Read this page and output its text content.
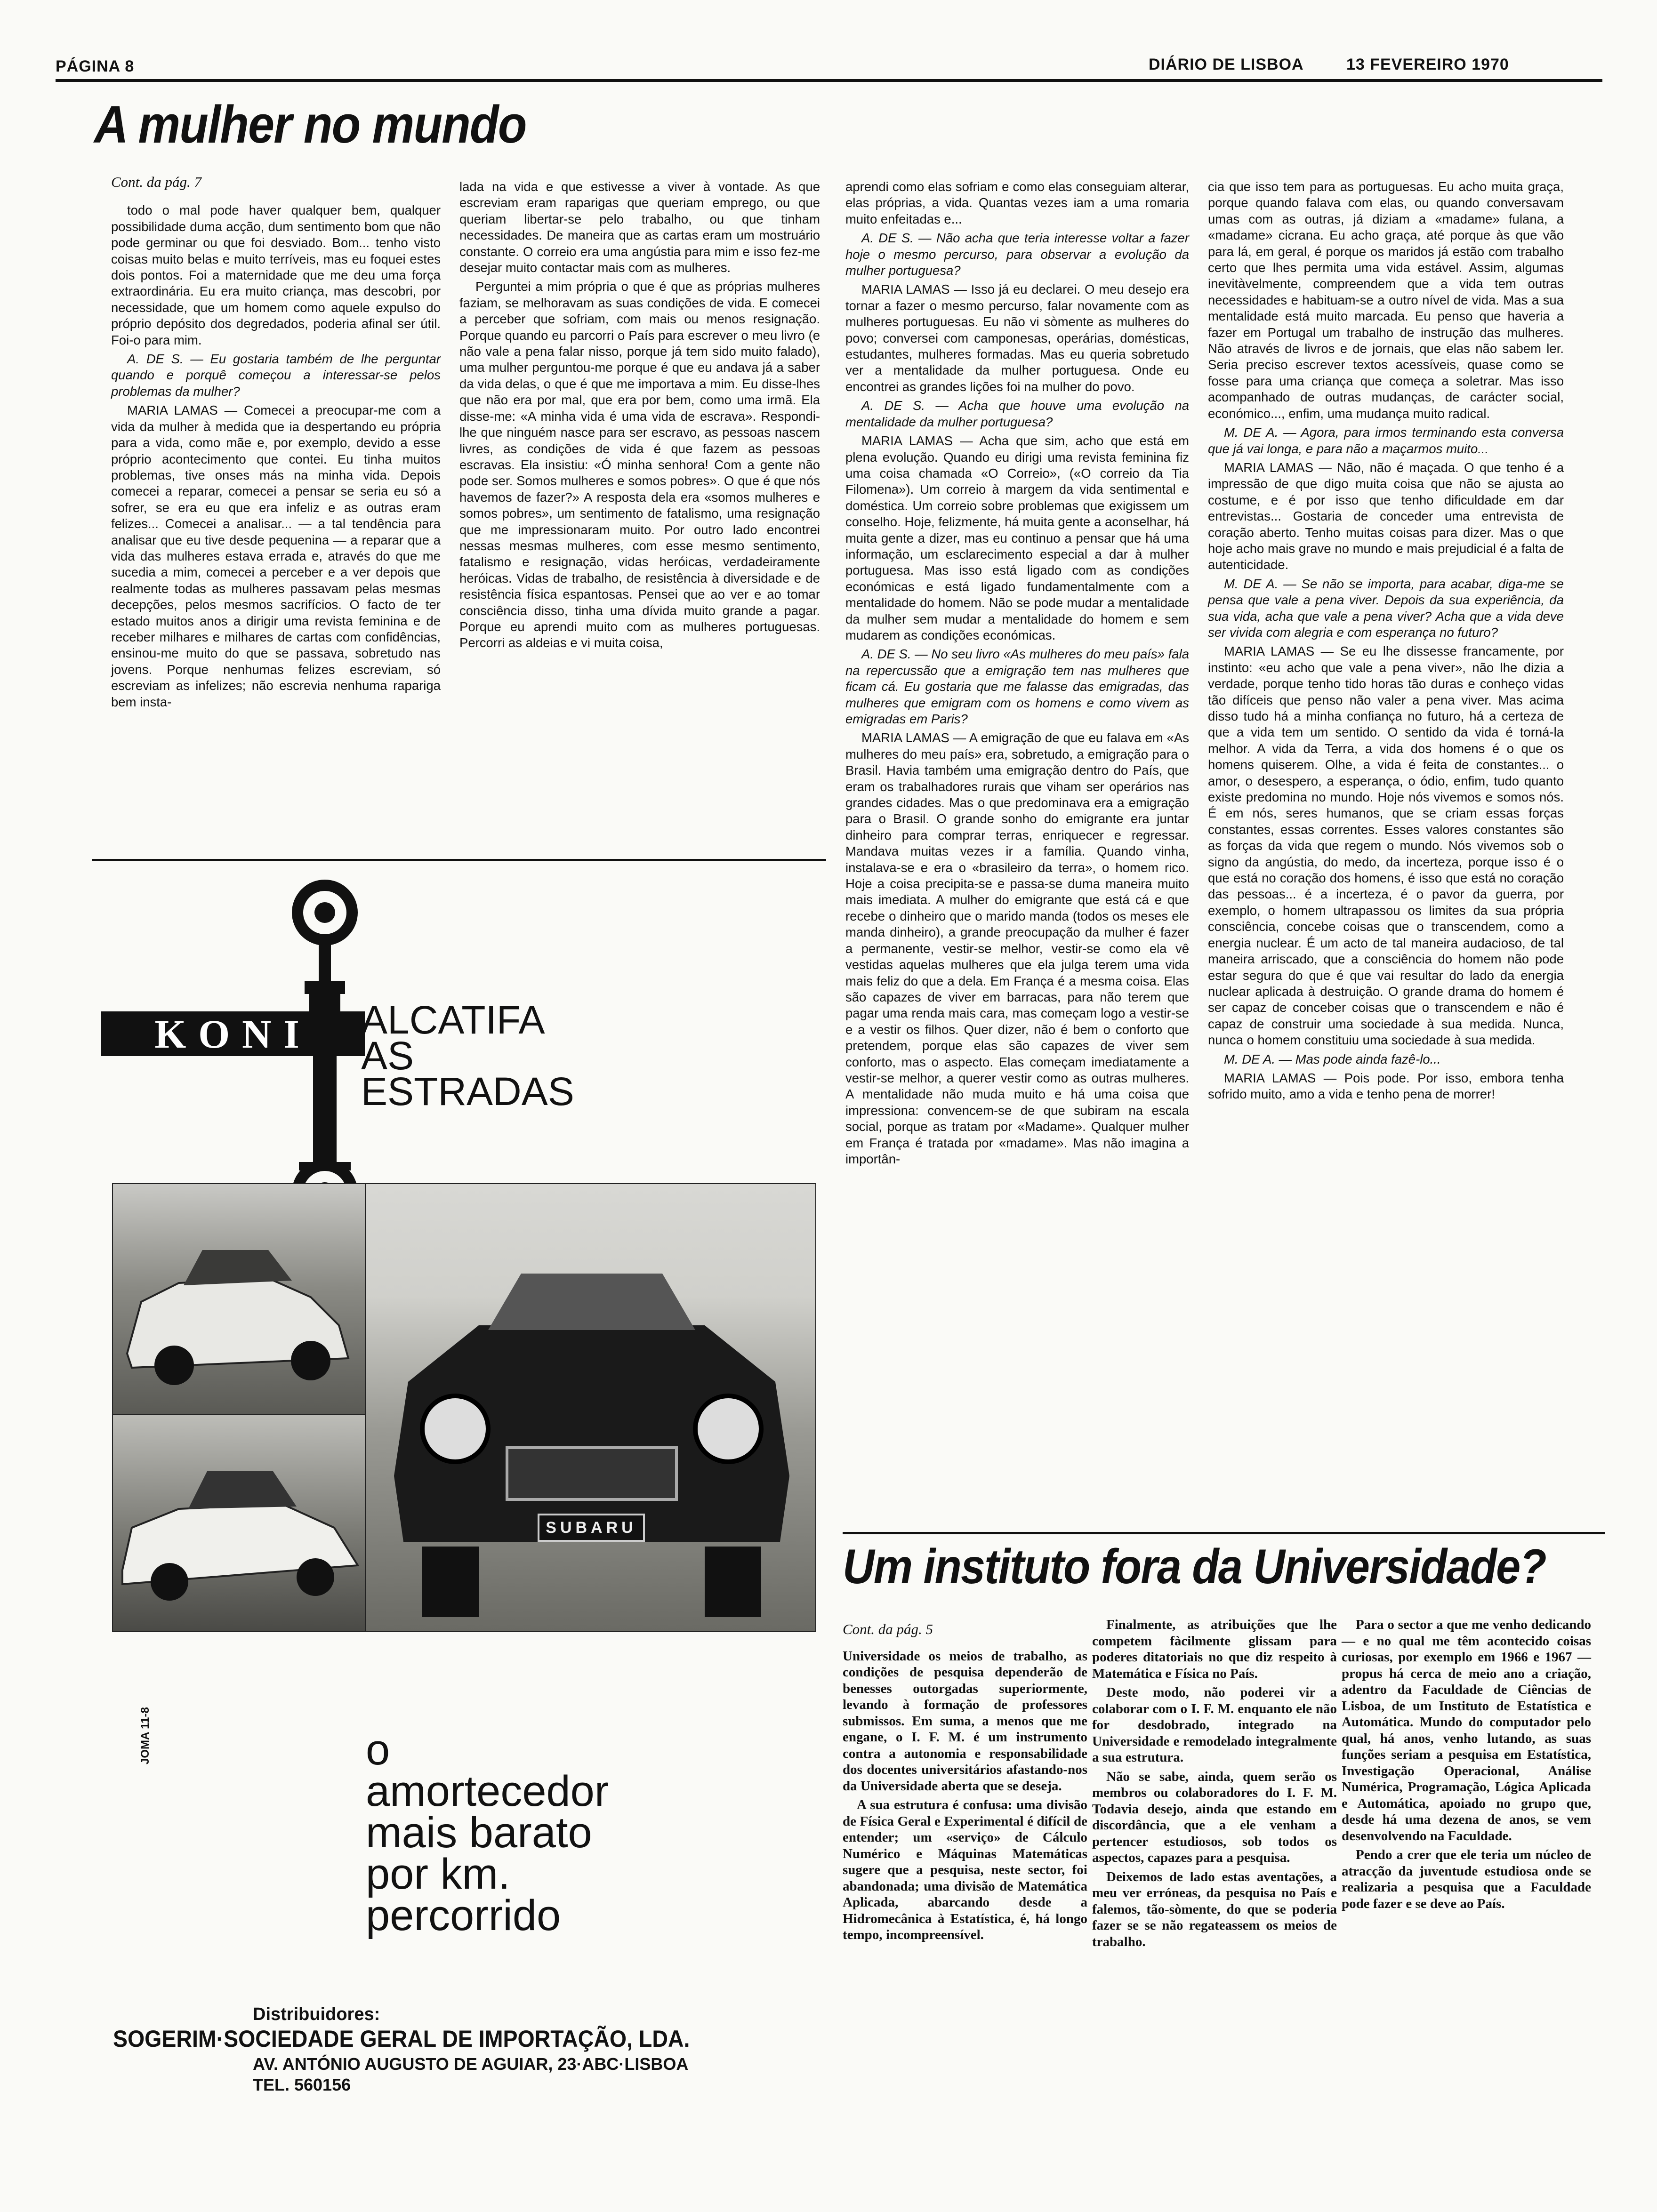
PÁGINA 8	DIÁRIO DE LISBOA	13 FEVEREIRO 1970
A mulher no mundo

Cont. da pág. 7

todo o mal pode haver qualquer bem, qualquer possibilidade duma acção, dum sentimento bom que não pode germinar ou que foi desviado. Bom... tenho visto coisas muito belas e muito terríveis, mas eu foquei estes dois pontos. Foi a maternidade que me deu uma força extraordinária. Eu era muito criança, mas descobri, por necessidade, que um homem como aquele expulso do próprio depósito dos degredados, poderia afinal ser útil. Foi-o para mim.

A. DE S. — Eu gostaria também de lhe perguntar quando e porquê começou a interessar-se pelos problemas da mulher?

MARIA LAMAS — Comecei a preocupar-me com a vida da mulher à medida que ia despertando eu própria para a vida, como mãe e, por exemplo, devido a esse próprio acontecimento que contei. Eu tinha muitos problemas, tive onses más na minha vida. Depois comecei a reparar, comecei a pensar se seria eu só a sofrer, se era eu que era infeliz e as outras eram felizes... Comecei a analisar... — a tal tendência para analisar que eu tive desde pequenina — a reparar que a vida das mulheres estava errada e, através do que me sucedia a mim, comecei a perceber e a ver depois que realmente todas as mulheres passavam pelas mesmas decepções, pelos mesmos sacrifícios. O facto de ter estado muitos anos a dirigir uma revista feminina e de receber milhares e milhares de cartas com confidências, ensinou-me muito do que se passava, sobretudo nas jovens. Porque nenhumas felizes escreviam, só escreviam as infelizes; não escrevia nenhuma rapariga bem insta-

lada na vida e que estivesse a viver à vontade. As que escreviam eram raparigas que queriam emprego, ou que queriam libertar-se pelo trabalho, ou que tinham necessidades. De maneira que as cartas eram um mostruário constante. O correio era uma angústia para mim e isso fez-me desejar muito contactar mais com as mulheres.

Perguntei a mim própria o que é que as próprias mulheres faziam, se melhoravam as suas condições de vida. E comecei a perceber que sofriam, com mais ou menos resignação. Porque quando eu parcorri o País para escrever o meu livro (e não vale a pena falar nisso, porque já tem sido muito falado), uma mulher perguntou-me porque é que eu andava já a saber da vida delas, o que é que me importava a mim. Eu disse-lhes que não era por mal, que era por bem, como uma irmã. Ela disse-me: «A minha vida é uma vida de escrava». Respondi-lhe que ninguém nasce para ser escravo, as pessoas nascem livres, as condições de vida é que fazem as pessoas escravas. Ela insistiu: «Ó minha senhora! Com a gente não pode ser. Somos mulheres e somos pobres». O que é que nós havemos de fazer?» A resposta dela era «somos mulheres e somos pobres», um sentimento de fatalismo, uma resignação que me impressionaram muito. Por outro lado encontrei nessas mesmas mulheres, com esse mesmo sentimento, fatalismo e resignação, vidas heróicas, verdadeiramente heróicas. Vidas de trabalho, de resistência à diversidade e de resistência física espantosas. Pensei que ao ver e ao tomar consciência disso, tinha uma dívida muito grande a pagar. Porque eu aprendi muito com as mulheres portuguesas. Percorri as aldeias e vi muita coisa,

aprendi como elas sofriam e como elas conseguiam alterar, elas próprias, a vida. Quantas vezes iam a uma romaria muito enfeitadas e...

A. DE S. — Não acha que teria interesse voltar a fazer hoje o mesmo percurso, para observar a evolução da mulher portuguesa?

MARIA LAMAS — Isso já eu declarei. O meu desejo era tornar a fazer o mesmo percurso, falar novamente com as mulheres portuguesas. Eu não vi sòmente as mulheres do povo; conversei com camponesas, operárias, domésticas, estudantes, mulheres formadas. Mas eu queria sobretudo ver a mentalidade da mulher portuguesa. Onde eu encontrei as grandes lições foi na mulher do povo.

A. DE S. — Acha que houve uma evolução na mentalidade da mulher portuguesa?

MARIA LAMAS — Acha que sim, acho que está em plena evolução. Quando eu dirigi uma revista feminina fiz uma coisa chamada «O Correio», («O correio da Tia Filomena»). Um correio à margem da vida sentimental e doméstica. Um correio sobre problemas que exigissem um conselho. Hoje, felizmente, há muita gente a aconselhar, há muita gente a dizer, mas eu continuo a pensar que há uma informação, um esclarecimento especial a dar à mulher portuguesa. Mas isso está ligado com as condições económicas e está ligado fundamentalmente com a mentalidade do homem. Não se pode mudar a mentalidade da mulher sem mudar a mentalidade do homem e sem mudarem as condições económicas.

A. DE S. — No seu livro «As mulheres do meu país» fala na repercussão que a emigração tem nas mulheres que ficam cá. Eu gostaria que me falasse das emigradas, das mulheres que emigram com os homens e como vivem as emigradas em Paris?

MARIA LAMAS — A emigração de que eu falava em «As mulheres do meu país» era, sobretudo, a emigração para o Brasil. Havia também uma emigração dentro do País, que eram os trabalhadores rurais que viham ser operários nas grandes cidades. Mas o que predominava era a emigração para o Brasil. O grande sonho do emigrante era juntar dinheiro para comprar terras, enriquecer e regressar. Mandava muitas vezes ir a família. Quando vinha, instalava-se e era o «brasileiro da terra», o homem rico. Hoje a coisa precipita-se e passa-se duma maneira muito mais imediata. A mulher do emigrante que está cá e que recebe o dinheiro que o marido manda (todos os meses ele manda dinheiro), a grande preocupação da mulher é fazer a permanente, vestir-se melhor, vestir-se como ela vê vestidas aquelas mulheres que ela julga terem uma vida mais feliz do que a dela. Em França é a mesma coisa. Elas são capazes de viver em barracas, para não terem que pagar uma renda mais cara, mas começam logo a vestir-se e a vestir os filhos. Quer dizer, não é bem o conforto que pretendem, porque elas são capazes de viver sem conforto, mas o aspecto. Elas começam imediatamente a vestir-se melhor, a querer vestir como as outras mulheres. A mentalidade não muda muito e há uma coisa que impressiona: convencem-se de que subiram na escala social, porque as tratam por «Madame». Qualquer mulher em França é tratada por «madame». Mas não imagina a importân-

cia que isso tem para as portuguesas. Eu acho muita graça, porque quando falava com elas, ou quando conversavam umas com as outras, já diziam a «madame» fulana, a «madame» cicrana. Eu acho graça, até porque às que vão para lá, em geral, é porque os maridos já estão com trabalho certo que lhes permita uma vida estável. Assim, algumas inevitàvelmente, compreendem que a vida tem outras necessidades e habituam-se a outro nível de vida. Mas a sua mentalidade está muito marcada. Eu penso que haveria a fazer em Portugal um trabalho de instrução das mulheres. Não através de livros e de jornais, que elas não sabem ler. Seria preciso escrever textos acessíveis, quase como se fosse para uma criança que começa a soletrar. Mas isso acompanhado de outras mudanças, de carácter social, económico..., enfim, uma mudança muito radical.

M. DE A. — Agora, para irmos terminando esta conversa que já vai longa, e para não a maçarmos muito...

MARIA LAMAS — Não, não é maçada. O que tenho é a impressão de que digo muita coisa que não se ajusta ao costume, e é por isso que tenho dificuldade em dar entrevistas... Gostaria de conceder uma entrevista de coração aberto. Tenho muitas coisas para dizer. Mas o que hoje acho mais grave no mundo e mais prejudicial é a falta de autenticidade.

M. DE A. — Se não se importa, para acabar, diga-me se pensa que vale a pena viver. Depois da sua experiência, da sua vida, acha que vale a pena viver? Acha que a vida deve ser vivida com alegria e com esperança no futuro?

MARIA LAMAS — Se eu lhe dissesse francamente, por instinto: «eu acho que vale a pena viver», não lhe dizia a verdade, porque tenho tido horas tão duras e conheço vidas tão difíceis que penso não valer a pena viver. Mas acima disso tudo há a minha confiança no futuro, há a certeza de que a vida tem um sentido. O sentido da vida é torná-la melhor. A vida da Terra, a vida dos homens é o que os homens quiserem. Olhe, a vida é feita de constantes... o amor, o desespero, a esperança, o ódio, enfim, tudo quanto existe predomina no mundo. Hoje nós vivemos e somos nós. É em nós, seres humanos, que se criam essas forças constantes, essas correntes. Esses valores constantes são as forças da vida que regem o mundo. Nós vivemos sob o signo da angústia, do medo, da incerteza, porque isso é o que está no coração dos homens, é isso que está no coração das pessoas... é a incerteza, é o pavor da guerra, por exemplo, o homem ultrapassou os limites da sua própria consciência, concebe coisas que o transcendem, como a energia nuclear. É um acto de tal maneira audacioso, de tal maneira arriscado, que a consciência do homem não pode estar segura do que é que vai resultar do lado da energia nuclear aplicada à destruição. O grande drama do homem é ser capaz de conceber coisas que o transcendem e não é capaz de construir uma sociedade à sua medida. Nunca, nunca o homem constituiu uma sociedade à sua medida.

M. DE A. — Mas pode ainda fazê-lo...

MARIA LAMAS — Pois pode. Por isso, embora tenha sofrido muito, amo a vida e tenho pena de morrer!

KONI ALCATIFA
AS
ESTRADAS
SUBARU
JOMA 11-8	o
amortecedor
mais barato
por km.
percorrido
Distribuidores:
SOGERIM·SOCIEDADE GERAL DE IMPORTAÇÃO, LDA.
AV. ANTÓNIO AUGUSTO DE AGUIAR, 23·ABC·LISBOA
TEL. 560156
Um instituto fora da Universidade?

Cont. da pág. 5

Universidade os meios de trabalho, as condições de pesquisa dependerão de benesses outorgadas superiormente, levando à formação de professores submissos. Em suma, a menos que me engane, o I. F. M. é um instrumento contra a autonomia e responsabilidade dos docentes universitários afastando-nos da Universidade aberta que se deseja.

A sua estrutura é confusa: uma divisão de Física Geral e Experimental é difícil de entender; um «serviço» de Cálculo Numérico e Máquinas Matemáticas sugere que a pesquisa, neste sector, foi abandonada; uma divisão de Matemática Aplicada, abarcando desde a Hidromecânica à Estatística, é, há longo tempo, incompreensível.

Finalmente, as atribuições que lhe competem fàcilmente glissam para poderes ditatoriais no que diz respeito à Matemática e Física no País.

Deste modo, não poderei vir a colaborar com o I. F. M. enquanto ele não for desdobrado, integrado na Universidade e remodelado integralmente a sua estrutura.

Não se sabe, ainda, quem serão os membros ou colaboradores do I. F. M. Todavia desejo, ainda que estando em discordância, que a ele venham a pertencer estudiosos, sob todos os aspectos, capazes para a pesquisa.

Deixemos de lado estas aventações, a meu ver erróneas, da pesquisa no País e falemos, tão-sòmente, do que se poderia fazer se se não regateassem os meios de trabalho.

Para o sector a que me venho dedicando — e no qual me têm acontecido coisas curiosas, por exemplo em 1966 e 1967 — propus há cerca de meio ano a criação, adentro da Faculdade de Ciências de Lisboa, de um Instituto de Estatística e Automática. Mundo do computador pelo qual, há anos, venho lutando, as suas funções seriam a pesquisa em Estatística, Investigação Operacional, Análise Numérica, Programação, Lógica Aplicada e Automática, apoiado no grupo que, desde há uma dezena de anos, se vem desenvolvendo na Faculdade.

Pendo a crer que ele teria um núcleo de atracção da juventude estudiosa onde se realizaria a pesquisa que a Faculdade pode fazer e se deve ao País.
